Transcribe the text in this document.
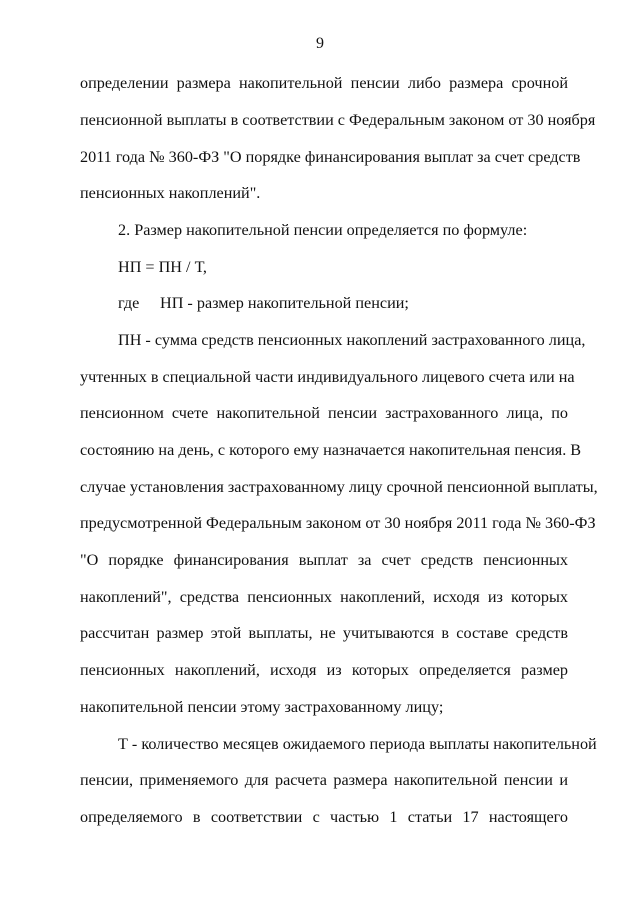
9
определении размера накопительной пенсии либо размера срочной
пенсионной выплаты в соответствии с Федеральным законом от 30 ноября
2011 года № 360-ФЗ "О порядке финансирования выплат за счет средств
пенсионных накоплений".
2. Размер накопительной пенсии определяется по формуле:
НП = ПН / Т,
где НП - размер накопительной пенсии;
ПН - сумма средств пенсионных накоплений застрахованного лица,
учтенных в специальной части индивидуального лицевого счета или на
пенсионном счете накопительной пенсии застрахованного лица, по
состоянию на день, с которого ему назначается накопительная пенсия. В
случае установления застрахованному лицу срочной пенсионной выплаты,
предусмотренной Федеральным законом от 30 ноября 2011 года № 360-ФЗ
"О порядке финансирования выплат за счет средств пенсионных
накоплений", средства пенсионных накоплений, исходя из которых
рассчитан размер этой выплаты, не учитываются в составе средств
пенсионных накоплений, исходя из которых определяется размер
накопительной пенсии этому застрахованному лицу;
Т - количество месяцев ожидаемого периода выплаты накопительной
пенсии, применяемого для расчета размера накопительной пенсии и
определяемого в соответствии с частью 1 статьи 17 настоящего
